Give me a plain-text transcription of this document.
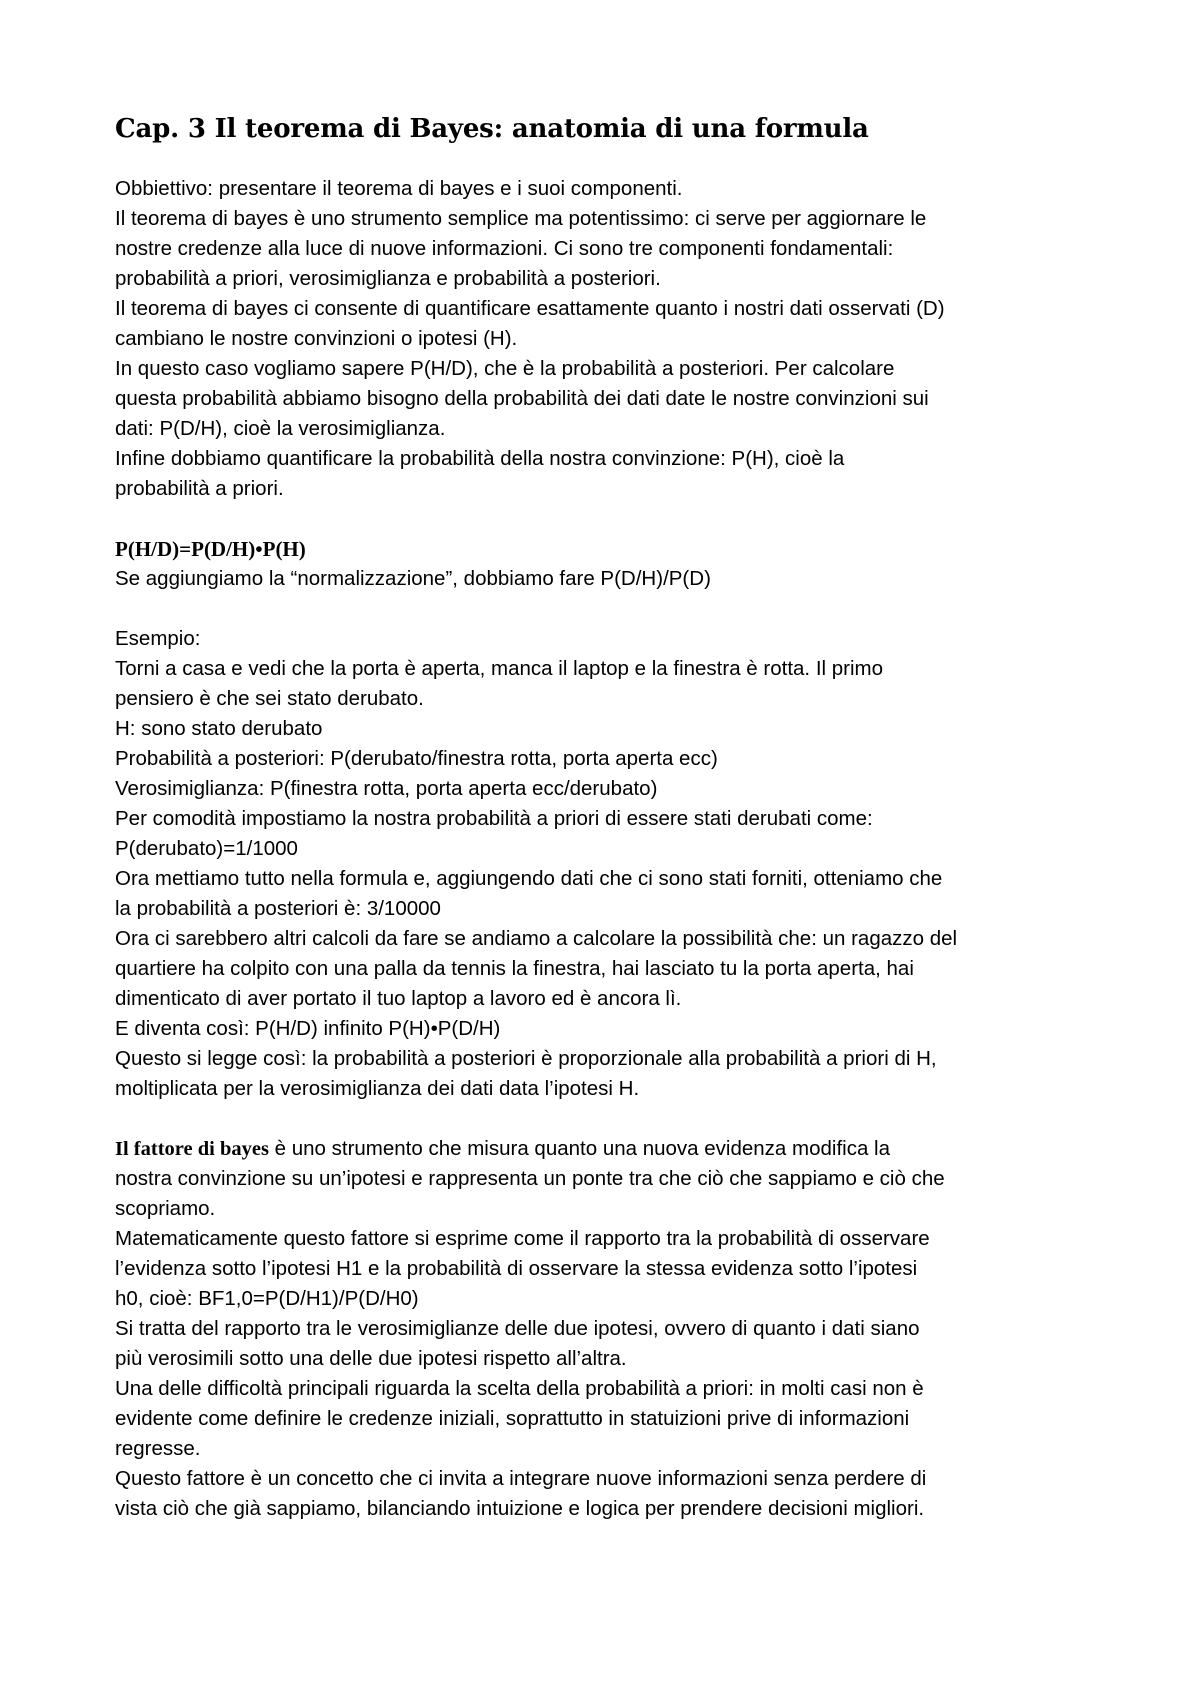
Cap. 3 Il teorema di Bayes: anatomia di una formula

Obbiettivo: presentare il teorema di bayes e i suoi componenti.

Il teorema di bayes è uno strumento semplice ma potentissimo: ci serve per aggiornare le

nostre credenze alla luce di nuove informazioni. Ci sono tre componenti fondamentali:

probabilità a priori, verosimiglianza e probabilità a posteriori.

Il teorema di bayes ci consente di quantificare esattamente quanto i nostri dati osservati (D)

cambiano le nostre convinzioni o ipotesi (H).

In questo caso vogliamo sapere P(H/D), che è la probabilità a posteriori. Per calcolare

questa probabilità abbiamo bisogno della probabilità dei dati date le nostre convinzioni sui

dati: P(D/H), cioè la verosimiglianza.

Infine dobbiamo quantificare la probabilità della nostra convinzione: P(H), cioè la

probabilità a priori.

P(H/D)=P(D/H)•P(H)

Se aggiungiamo la “normalizzazione”, dobbiamo fare P(D/H)/P(D)

Esempio:

Torni a casa e vedi che la porta è aperta, manca il laptop e la finestra è rotta. Il primo

pensiero è che sei stato derubato.

H: sono stato derubato

Probabilità a posteriori: P(derubato/finestra rotta, porta aperta ecc)

Verosimiglianza: P(finestra rotta, porta aperta ecc/derubato)

Per comodità impostiamo la nostra probabilità a priori di essere stati derubati come:

P(derubato)=1/1000

Ora mettiamo tutto nella formula e, aggiungendo dati che ci sono stati forniti, otteniamo che

la probabilità a posteriori è: 3/10000

Ora ci sarebbero altri calcoli da fare se andiamo a calcolare la possibilità che: un ragazzo del

quartiere ha colpito con una palla da tennis la finestra, hai lasciato tu la porta aperta, hai

dimenticato di aver portato il tuo laptop a lavoro ed è ancora lì.

E diventa così: P(H/D) infinito P(H)•P(D/H)

Questo si legge così: la probabilità a posteriori è proporzionale alla probabilità a priori di H,

moltiplicata per la verosimiglianza dei dati data l’ipotesi H.

Il fattore di bayes è uno strumento che misura quanto una nuova evidenza modifica la

nostra convinzione su un’ipotesi e rappresenta un ponte tra che ciò che sappiamo e ciò che

scopriamo.

Matematicamente questo fattore si esprime come il rapporto tra la probabilità di osservare

l’evidenza sotto l’ipotesi H1 e la probabilità di osservare la stessa evidenza sotto l’ipotesi

h0, cioè: BF1,0=P(D/H1)/P(D/H0)

Si tratta del rapporto tra le verosimiglianze delle due ipotesi, ovvero di quanto i dati siano

più verosimili sotto una delle due ipotesi rispetto all’altra.

Una delle difficoltà principali riguarda la scelta della probabilità a priori: in molti casi non è

evidente come definire le credenze iniziali, soprattutto in statuizioni prive di informazioni

regresse.

Questo fattore è un concetto che ci invita a integrare nuove informazioni senza perdere di

vista ciò che già sappiamo, bilanciando intuizione e logica per prendere decisioni migliori.
